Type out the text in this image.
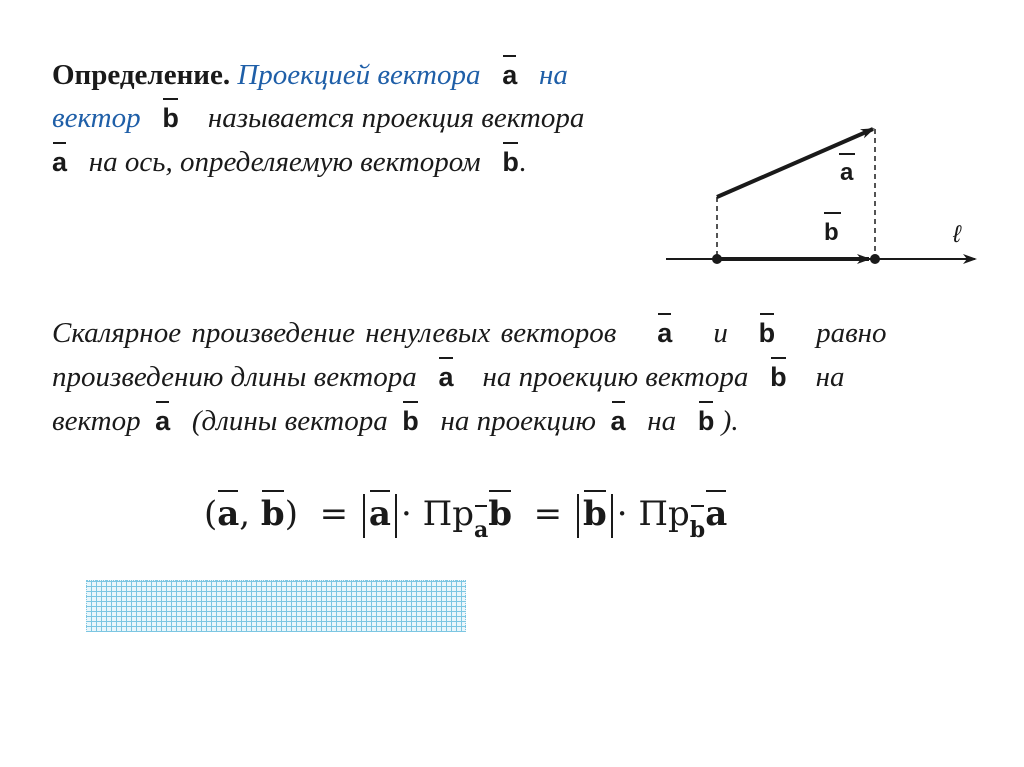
Определение. Проекцией вектора a на
вектор b называется проекция вектора
a на ось, определяемую вектором b.	a
b	ℓ
Скалярное произведение ненулевых векторов a и b равно
произведению длины вектора a на проекцию вектора b на
вектор a (длины вектора b на проекцию a на b ).
(a, $b) = a \cdot Пр_ab = b \cdot Пр_ba$
